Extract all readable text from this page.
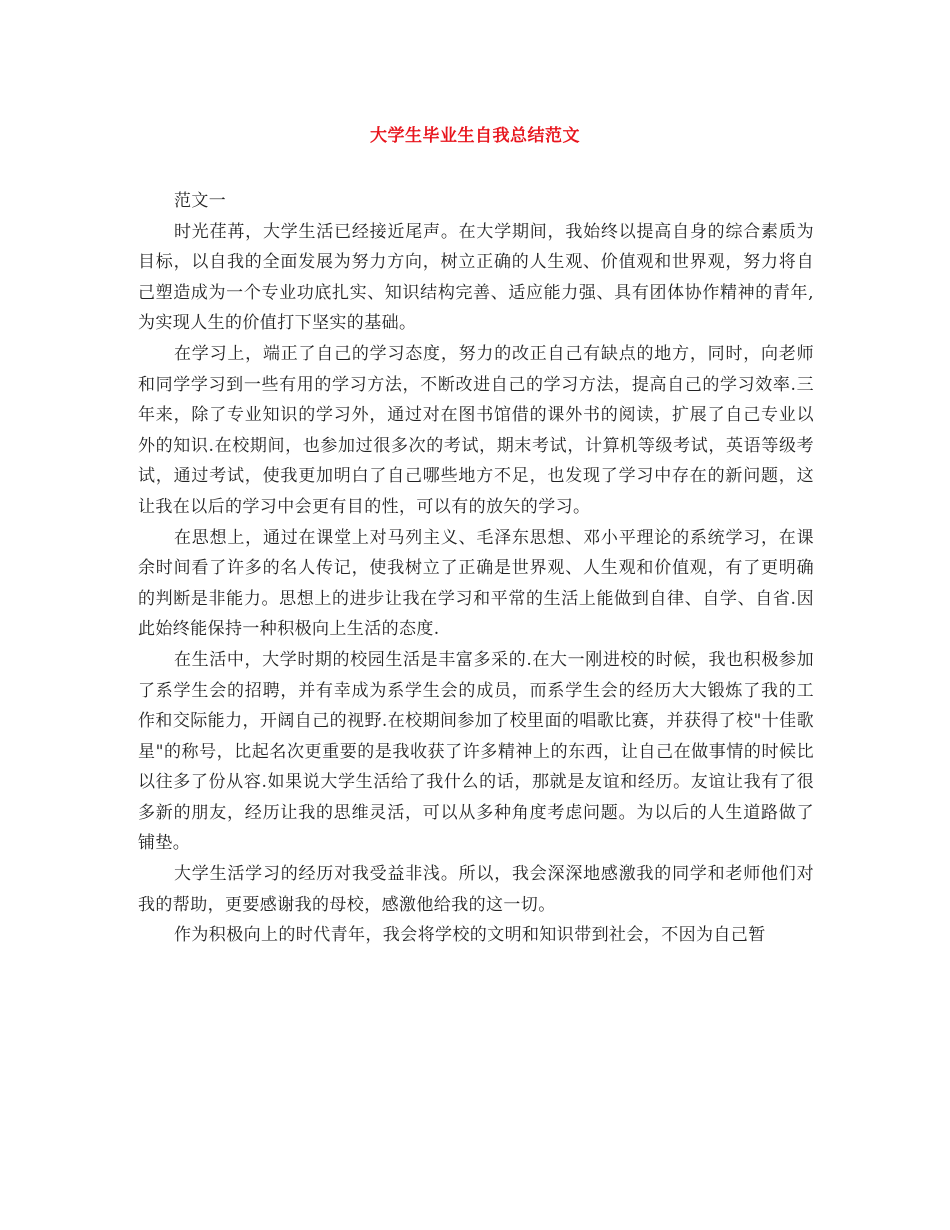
大学生毕业生自我总结范文

范文一

时光荏苒，大学生活已经接近尾声。在大学期间，我始终以提高自身的综合素质为目标，以自我的全面发展为努力方向，树立正确的人生观、价值观和世界观，努力将自己塑造成为一个专业功底扎实、知识结构完善、适应能力强、具有团体协作精神的青年,为实现人生的价值打下坚实的基础。

在学习上，端正了自己的学习态度，努力的改正自己有缺点的地方，同时，向老师和同学学习到一些有用的学习方法，不断改进自己的学习方法，提高自己的学习效率.三年来，除了专业知识的学习外，通过对在图书馆借的课外书的阅读，扩展了自己专业以外的知识.在校期间，也参加过很多次的考试，期末考试，计算机等级考试，英语等级考试，通过考试，使我更加明白了自己哪些地方不足，也发现了学习中存在的新问题，这让我在以后的学习中会更有目的性，可以有的放矢的学习。

在思想上，通过在课堂上对马列主义、毛泽东思想、邓小平理论的系统学习，在课余时间看了许多的名人传记，使我树立了正确是世界观、人生观和价值观，有了更明确的判断是非能力。思想上的进步让我在学习和平常的生活上能做到自律、自学、自省.因此始终能保持一种积极向上生活的态度.

在生活中，大学时期的校园生活是丰富多采的.在大一刚进校的时候，我也积极参加了系学生会的招聘，并有幸成为系学生会的成员，而系学生会的经历大大锻炼了我的工作和交际能力，开阔自己的视野.在校期间参加了校里面的唱歌比赛，并获得了校"十佳歌星"的称号，比起名次更重要的是我收获了许多精神上的东西，让自己在做事情的时候比以往多了份从容.如果说大学生活给了我什么的话，那就是友谊和经历。友谊让我有了很多新的朋友，经历让我的思维灵活，可以从多种角度考虑问题。为以后的人生道路做了铺垫。

大学生活学习的经历对我受益非浅。所以，我会深深地感激我的同学和老师他们对我的帮助，更要感谢我的母校，感激他给我的这一切。

作为积极向上的时代青年，我会将学校的文明和知识带到社会，不因为自己暂
